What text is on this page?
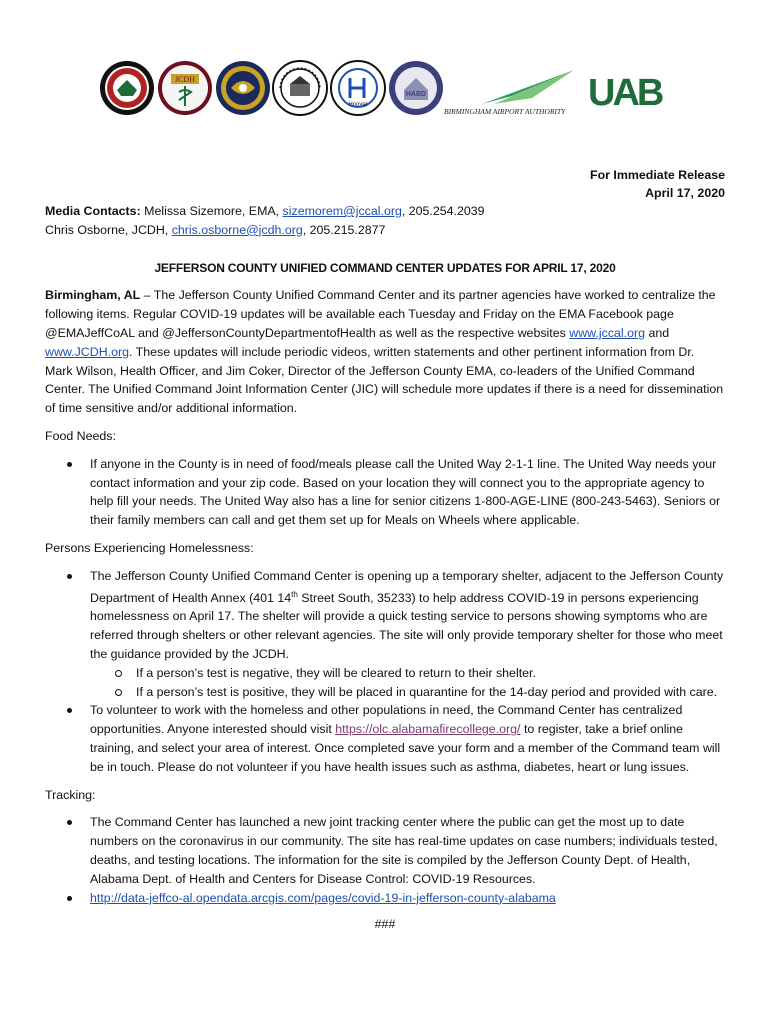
JCDH
Hoover
HABD
BIRMINGHAM AIRPORT AUTHORITY UAB
For Immediate Release
April 17, 2020

Media Contacts: Melissa Sizemore, EMA, sizemorem@jccal.org, 205.254.2039

Chris Osborne, JCDH, chris.osborne@jcdh.org, 205.215.2877

JEFFERSON COUNTY UNIFIED COMMAND CENTER UPDATES FOR APRIL 17, 2020

Birmingham, AL – The Jefferson County Unified Command Center and its partner agencies have worked to centralize the following items. Regular COVID-19 updates will be available each Tuesday and Friday on the EMA Facebook page @EMAJeffCoAL and @JeffersonCountyDepartmentofHealth as well as the respective websites www.jccal.org and www.JCDH.org. These updates will include periodic videos, written statements and other pertinent information from Dr. Mark Wilson, Health Officer, and Jim Coker, Director of the Jefferson County EMA, co-leaders of the Unified Command Center. The Unified Command Joint Information Center (JIC) will schedule more updates if there is a need for dissemination of time sensitive and/or additional information.

Food Needs:

If anyone in the County is in need of food/meals please call the United Way 2-1-1 line. The United Way needs your contact information and your zip code. Based on your location they will connect you to the appropriate agency to help fill your needs. The United Way also has a line for senior citizens 1-800-AGE-LINE (800-243-5463). Seniors or their family members can call and get them set up for Meals on Wheels where applicable.

Persons Experiencing Homelessness:

The Jefferson County Unified Command Center is opening up a temporary shelter, adjacent to the Jefferson County Department of Health Annex (401 14th Street South, 35233) to help address COVID-19 in persons experiencing homelessness on April 17. The shelter will provide a quick testing service to persons showing symptoms who are referred through shelters or other relevant agencies. The site will only provide temporary shelter for those who meet the guidance provided by the JCDH.
If a person’s test is negative, they will be cleared to return to their shelter.
If a person’s test is positive, they will be placed in quarantine for the 14-day period and provided with care.
To volunteer to work with the homeless and other populations in need, the Command Center has centralized opportunities. Anyone interested should visit https://olc.alabamafirecollege.org/ to register, take a brief online training, and select your area of interest. Once completed save your form and a member of the Command team will be in touch. Please do not volunteer if you have health issues such as asthma, diabetes, heart or lung issues.

Tracking:

The Command Center has launched a new joint tracking center where the public can get the most up to date numbers on the coronavirus in our community. The site has real-time updates on case numbers; individuals tested, deaths, and testing locations. The information for the site is compiled by the Jefferson County Dept. of Health, Alabama Dept. of Health and Centers for Disease Control: COVID-19 Resources.
http://data-jeffco-al.opendata.arcgis.com/pages/covid-19-in-jefferson-county-alabama

###
